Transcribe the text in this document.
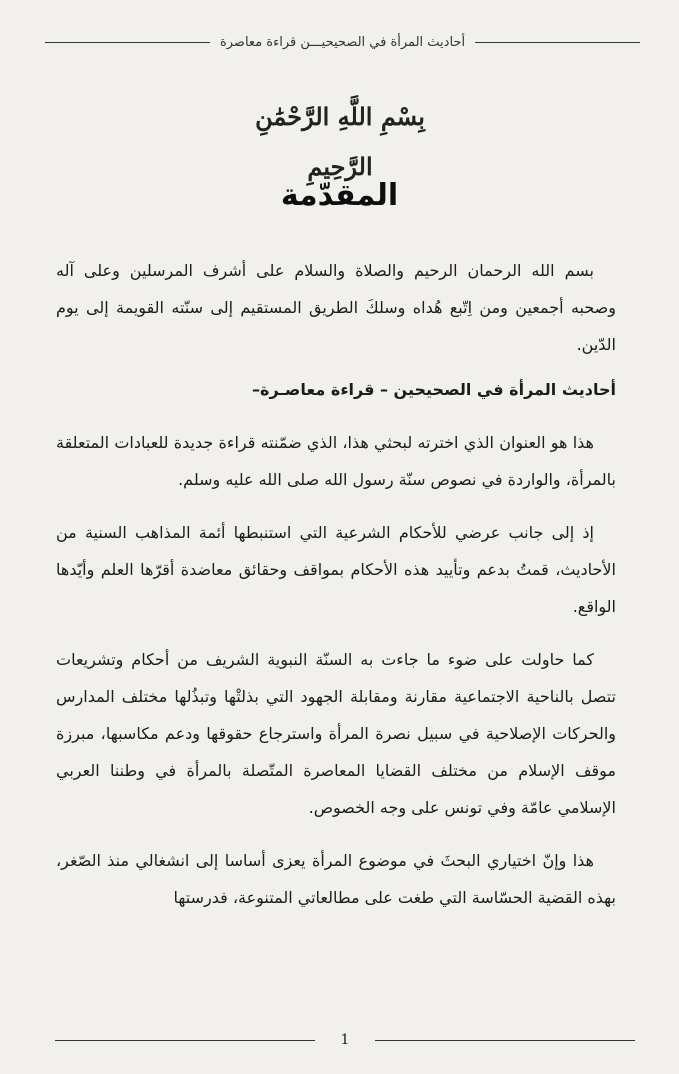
أحاديث المرأة في الصحيحيـــن قراءة معاصرة
بِسْمِ اللَّهِ الرَّحْمَٰنِ الرَّحِيمِ
المقدّمة

بسم الله الرحمان الرحيم والصلاة والسلام على أشرف المرسلين وعلى آله وصحبه أجمعين ومن اِتّبع هُداه وسلكَ الطريق المستقيم إلى سنّته القويمة إلى يوم الدّين.

أحاديث المرأة في الصحيحين – قراءة معاصـرة–

هذا هو العنوان الذي اخترته لبحثي هذا، الذي ضمّنته قراءة جديدة للعبادات المتعلقة بالمرأة، والواردة في نصوص سنّة رسول الله صلى الله عليه وسلم.

إذ إلى جانب عرضي للأحكام الشرعية التي استنبطها أئمة المذاهب السنية من الأحاديث، قمتُ بدعم وتأييد هذه الأحكام بمواقف وحقائق معاضدة أقرّها العلم وأيّدها الواقع.

كما حاولت على ضوء ما جاءت به السنّة النبوية الشريف من أحكام وتشريعات تتصل بالناحية الاجتماعية مقارنة ومقابلة الجهود التي بذلتْها وتبذُلها مختلف المدارس والحركات الإصلاحية في سبيل نصرة المرأة واسترجاع حقوقها ودعم مكاسبها، مبرزة موقف الإسلام من مختلف القضايا المعاصرة المتّصلة بالمرأة في وطننا العربي الإسلامي عامّة وفي تونس على وجه الخصوص.

هذا وإنّ اختياري البحثَ في موضوع المرأة يعزى أساسا إلى انشغالي منذ الصّغر، بهذه القضية الحسّاسة التي طغت على مطالعاتي المتنوعة، فدرستها

1
